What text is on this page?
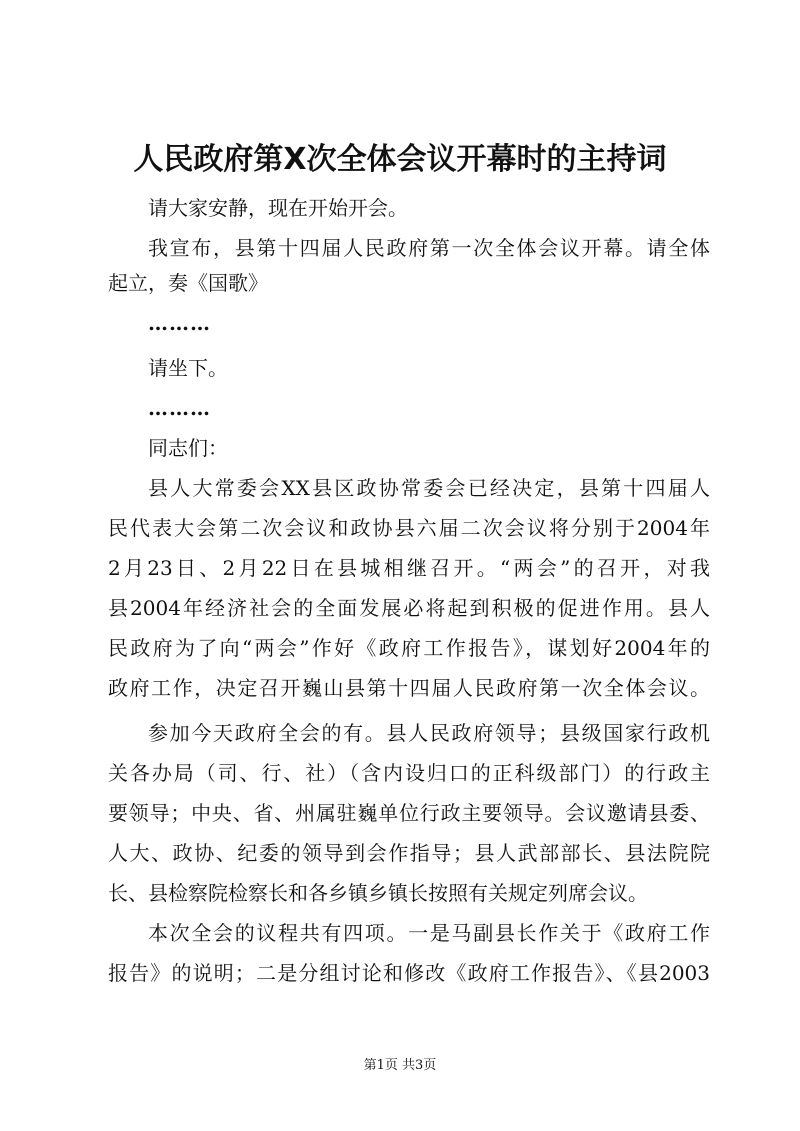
人民政府第X次全体会议开幕时的主持词
请大家安静，现在开始开会。
我宣布，县第十四届人民政府第一次全体会议开幕。请全体
起立，奏《国歌》
………
请坐下。
………
同志们：
县人大常委会XX县区政协常委会已经决定，县第十四届人
民代表大会第二次会议和政协县六届二次会议将分别于2004年
2月23日、2月22日在县城相继召开。“两会”的召开，对我
县2004年经济社会的全面发展必将起到积极的促进作用。县人
民政府为了向“两会”作好《政府工作报告》，谋划好2004年的
政府工作，决定召开巍山县第十四届人民政府第一次全体会议。
参加今天政府全会的有。县人民政府领导；县级国家行政机
关各办局（司、行、社）（含内设归口的正科级部门）的行政主
要领导；中央、省、州属驻巍单位行政主要领导。会议邀请县委、
人大、政协、纪委的领导到会作指导；县人武部部长、县法院院
长、县检察院检察长和各乡镇乡镇长按照有关规定列席会议。
本次全会的议程共有四项。一是马副县长作关于《政府工作
报告》的说明；二是分组讨论和修改《政府工作报告》、《县2003
第1页 共3页
